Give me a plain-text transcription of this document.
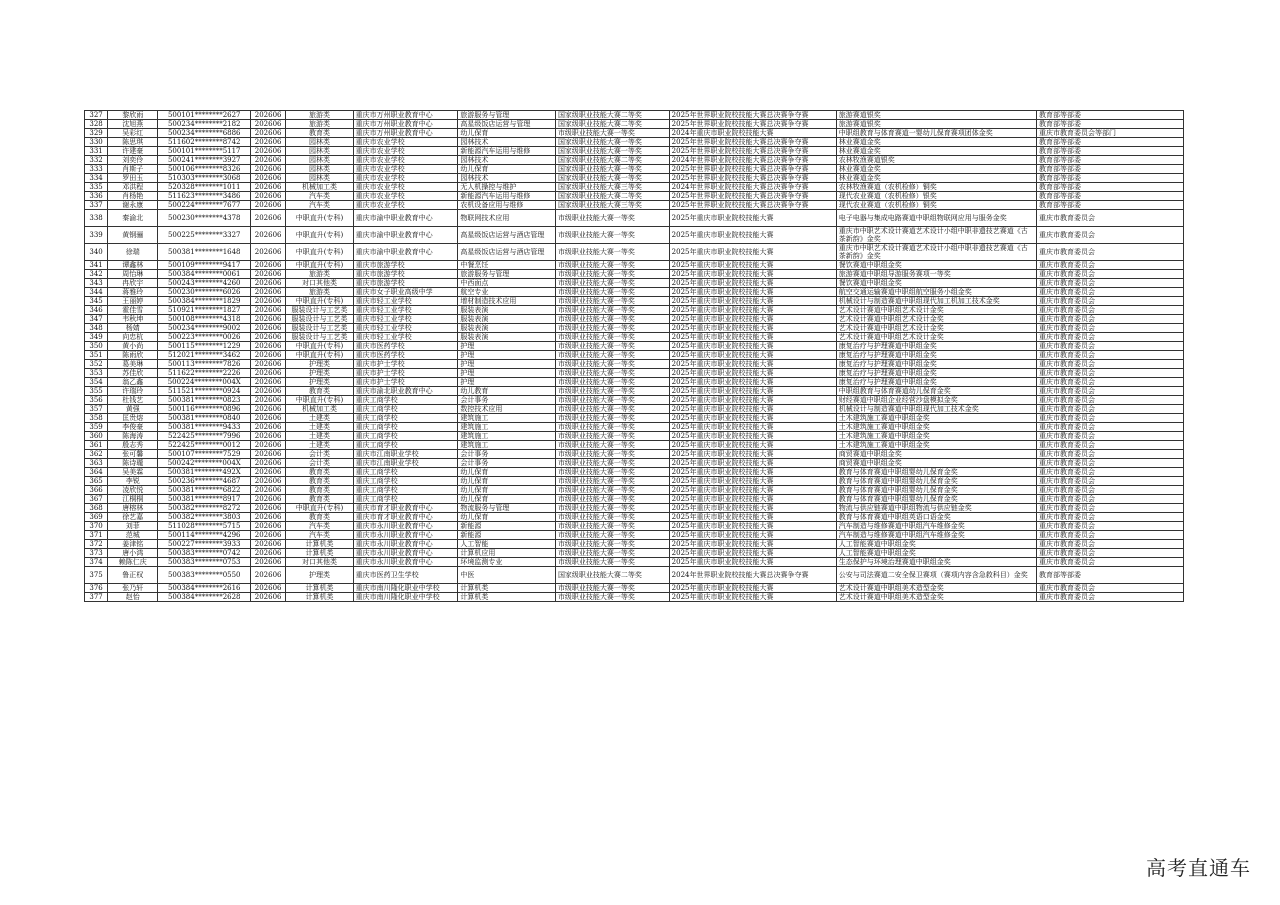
327	黎欣雨	500101********2627	202606	旅游类	重庆市万州职业教育中心	旅游服务与管理	国家级职业技能大赛二等奖	2025年世界职业院校技能大赛总决赛争夺赛	旅游赛道银奖	教育部等部委
328	沈旭燕	500234********2182	202606	旅游类	重庆市万州职业教育中心	高星级饭店运营与管理	国家级职业技能大赛二等奖	2025年世界职业院校技能大赛总决赛争夺赛	旅游赛道银奖	教育部等部委
329	吴彩红	500234********6886	202606	教育类	重庆市万州职业教育中心	幼儿保育	市级职业技能大赛一等奖	2024年重庆市职业院校技能大赛	中职组教育与体育赛道一婴幼儿保育赛项团体金奖	重庆市教育委员会等部门
330	陈思琪	511602********8742	202606	园林类	重庆市农业学校	园林技术	国家级职业技能大赛一等奖	2025年世界职业院校技能大赛总决赛争夺赛	林业赛道金奖	教育部等部委
331	许建豪	500101********5117	202606	园林类	重庆市农业学校	新能源汽车运用与维修	国家级职业技能大赛一等奖	2025年世界职业院校技能大赛总决赛争夺赛	林业赛道金奖	教育部等部委
332	刘奕伶	500241********3927	202606	园林类	重庆市农业学校	园林技术	国家级职业技能大赛二等奖	2024年世界职业院校技能大赛总决赛争夺赛	农林牧渔赛道银奖	教育部等部委
333	肖斯子	500106********8326	202606	园林类	重庆市农业学校	幼儿保育	国家级职业技能大赛一等奖	2025年世界职业院校技能大赛总决赛争夺赛	林业赛道金奖	教育部等部委
334	罗田玉	510303********3068	202606	园林类	重庆市农业学校	园林技术	国家级职业技能大赛一等奖	2025年世界职业院校技能大赛总决赛争夺赛	林业赛道金奖	教育部等部委
335	邓洪程	520328********1011	202606	机械加工类	重庆市农业学校	无人机操控与维护	国家级职业技能大赛三等奖	2024年世界职业院校技能大赛总决赛争夺赛	农林牧渔赛道（农机检修）铜奖	教育部等部委
336	肖杨艳	511623********3486	202606	汽车类	重庆市农业学校	新能源汽车运用与维修	国家级职业技能大赛二等奖	2025年世界职业院校技能大赛总决赛争夺赛	现代农业赛道（农机检修）银奖	教育部等部委
337	谢永康	500224********7677	202606	汽车类	重庆市农业学校	农机设备应用与维修	国家级职业技能大赛三等奖	2025年世界职业院校技能大赛总决赛争夺赛	现代农业赛道（农机检修）铜奖	教育部等部委
338	秦渝北	500230********4378	202606	中职直升(专科)	重庆市渝中职业教育中心	物联网技术应用	市级职业技能大赛一等奖	2025年重庆市职业院校技能大赛	电子电器与集成电路赛道中职组物联网应用与服务金奖	重庆市教育委员会
339	黄钢骊	500225********3327	202606	中职直升(专科)	重庆市渝中职业教育中心	高星级饭店运营与酒店管理	市级职业技能大赛一等奖	2025年重庆市职业院校技能大赛	重庆市中职艺术设计赛道艺术设计小组中职非遗技艺赛道《古茶新韵》金奖	重庆市教育委员会
340	徐瑞	500381********1648	202606	中职直升(专科)	重庆市渝中职业教育中心	高星级饭店运营与酒店管理	市级职业技能大赛一等奖	2025年重庆市职业院校技能大赛	重庆市中职艺术设计赛道艺术设计小组中职非遗技艺赛道《古茶新韵》金奖	重庆市教育委员会
341	谭鑫林	500109********9417	202606	中职直升(专科)	重庆市旅游学校	中餐烹饪	市级职业技能大赛一等奖	2025年重庆市职业院校技能大赛	餐饮赛道中职组金奖	重庆市教育委员会
342	周怡琳	500384********0061	202606	旅游类	重庆市旅游学校	旅游服务与管理	市级职业技能大赛一等奖	2025年重庆市职业院校技能大赛	旅游赛道中职组导游服务赛项一等奖	重庆市教育委员会
343	冉欣宇	500243********4260	202606	对口其他类	重庆市旅游学校	中西面点	市级职业技能大赛一等奖	2025年重庆市职业院校技能大赛	餐饮赛道中职组金奖	重庆市教育委员会
344	蒋雅玲	500230********6026	202606	旅游类	重庆市女子职业高级中学	航空专业	市级职业技能大赛一等奖	2025年重庆市职业院校技能大赛	航空交通运输赛道中职组航空服务小组金奖	重庆市教育委员会
345	王丽婷	500384********1829	202606	中职直升(专科)	重庆市轻工业学校	增材制造技术应用	市级职业技能大赛一等奖	2025年重庆市职业院校技能大赛	机械设计与制造赛道中职组现代加工机加工技术金奖	重庆市教育委员会
346	霍佳雪	510921********1827	202606	服装设计与工艺类	重庆市轻工业学校	服装表演	市级职业技能大赛一等奖	2025年重庆市职业院校技能大赛	艺术设计赛道中职组艺术设计金奖	重庆市教育委员会
347	韦秋坤	500108********4318	202606	服装设计与工艺类	重庆市轻工业学校	服装表演	市级职业技能大赛一等奖	2025年重庆市职业院校技能大赛	艺术设计赛道中职组艺术设计金奖	重庆市教育委员会
348	杨婧	500234********9002	202606	服装设计与工艺类	重庆市轻工业学校	服装表演	市级职业技能大赛一等奖	2025年重庆市职业院校技能大赛	艺术设计赛道中职组艺术设计金奖	重庆市教育委员会
349	向忠杭	500223********0026	202606	服装设计与工艺类	重庆市轻工业学校	服装表演	市级职业技能大赛一等奖	2025年重庆市职业院校技能大赛	艺术设计赛道中职组艺术设计金奖	重庆市教育委员会
350	黄小尚	500115********1229	202606	中职直升(专科)	重庆市医药学校	护理	市级职业技能大赛一等奖	2025年重庆市职业院校技能大赛	康复治疗与护理赛道中职组金奖	重庆市教育委员会
351	陈雨欣	512021********3462	202606	中职直升(专科)	重庆市医药学校	护理	市级职业技能大赛一等奖	2025年重庆市职业院校技能大赛	康复治疗与护理赛道中职组金奖	重庆市教育委员会
352	葛美琳	500113********7826	202606	护理类	重庆市护士学校	护理	市级职业技能大赛一等奖	2025年重庆市职业院校技能大赛	康复治疗与护理赛道中职组金奖	重庆市教育委员会
353	苏佳欣	511622********2226	202606	护理类	重庆市护士学校	护理	市级职业技能大赛一等奖	2025年重庆市职业院校技能大赛	康复治疗与护理赛道中职组金奖	重庆市教育委员会
354	翁乙鑫	500224********004X	202606	护理类	重庆市护士学校	护理	市级职业技能大赛一等奖	2025年重庆市职业院校技能大赛	康复治疗与护理赛道中职组金奖	重庆市教育委员会
355	许瑞玲	511521********0924	202606	教育类	重庆市渝北职业教育中心	幼儿教育	市级职业技能大赛一等奖	2025年重庆市职业院校技能大赛	中职组教育与体育赛道幼儿保育金奖	重庆市教育委员会
356	杜钱艺	500381********0823	202606	中职直升(专科)	重庆工商学校	会计事务	市级职业技能大赛一等奖	2025年重庆市职业院校技能大赛	财经赛道中职组企业经营沙盘模拟金奖	重庆市教育委员会
357	黄强	500116********0896	202606	机械加工类	重庆工商学校	数控技术应用	市级职业技能大赛一等奖	2025年重庆市职业院校技能大赛	机械设计与制造赛道中职组现代加工技术金奖	重庆市教育委员会
358	匡贵熔	500381********0840	202606	土建类	重庆工商学校	建筑施工	市级职业技能大赛一等奖	2025年重庆市职业院校技能大赛	土木建筑施工赛道中职组金奖	重庆市教育委员会
359	李俊豪	500381********9433	202606	土建类	重庆工商学校	建筑施工	市级职业技能大赛一等奖	2025年重庆市职业院校技能大赛	土木建筑施工赛道中职组金奖	重庆市教育委员会
360	陈海涛	522425********7996	202606	土建类	重庆工商学校	建筑施工	市级职业技能大赛一等奖	2025年重庆市职业院校技能大赛	土木建筑施工赛道中职组金奖	重庆市教育委员会
361	殷志秀	522425********0012	202606	土建类	重庆工商学校	建筑施工	市级职业技能大赛一等奖	2025年重庆市职业院校技能大赛	土木建筑施工赛道中职组金奖	重庆市教育委员会
362	张可馨	500107********7529	202606	会计类	重庆市江南职业学校	会计事务	市级职业技能大赛一等奖	2025年重庆市职业院校技能大赛	商贸赛道中职组金奖	重庆市教育委员会
363	陈诗瓏	500242********004X	202606	会计类	重庆市江南职业学校	会计事务	市级职业技能大赛一等奖	2025年重庆市职业院校技能大赛	商贸赛道中职组金奖	重庆市教育委员会
364	吴美霖	500381********492X	202606	教育类	重庆工商学校	幼儿保育	市级职业技能大赛一等奖	2025年重庆市职业院校技能大赛	教育与体育赛道中职组婴幼儿保育金奖	重庆市教育委员会
365	李锐	500236********4687	202606	教育类	重庆工商学校	幼儿保育	市级职业技能大赛一等奖	2025年重庆市职业院校技能大赛	教育与体育赛道中职组婴幼儿保育金奖	重庆市教育委员会
366	凌欣悦	500381********6822	202606	教育类	重庆工商学校	幼儿保育	市级职业技能大赛一等奖	2025年重庆市职业院校技能大赛	教育与体育赛道中职组婴幼儿保育金奖	重庆市教育委员会
367	江桐桐	500381********8917	202606	教育类	重庆工商学校	幼儿保育	市级职业技能大赛一等奖	2025年重庆市职业院校技能大赛	教育与体育赛道中职组婴幼儿保育金奖	重庆市教育委员会
368	唐榕林	500382********8272	202606	中职直升(专科)	重庆市育才职业教育中心	物流服务与管理	市级职业技能大赛一等奖	2025年重庆市职业院校技能大赛	物流与供应链赛道中职组物流与供应链金奖	重庆市教育委员会
369	徐艺嘉	500382********3803	202606	教育类	重庆市育才职业教育中心	幼儿保育	市级职业技能大赛一等奖	2025年重庆市职业院校技能大赛	教育与体育赛道中职组英语口语金奖	重庆市教育委员会
370	刘菲	511028********5715	202606	汽车类	重庆市永川职业教育中心	新能源	市级职业技能大赛一等奖	2025年重庆市职业院校技能大赛	汽车制造与维修赛道中职组汽车维修金奖	重庆市教育委员会
371	范城	500114********4296	202606	汽车类	重庆市永川职业教育中心	新能源	市级职业技能大赛一等奖	2025年重庆市职业院校技能大赛	汽车制造与维修赛道中职组汽车维修金奖	重庆市教育委员会
372	姜津铭	500227********3933	202606	计算机类	重庆市永川职业教育中心	人工智能	市级职业技能大赛一等奖	2025年重庆市职业院校技能大赛	人工智能赛道中职组金奖	重庆市教育委员会
373	唐小鸿	500383********0742	202606	计算机类	重庆市永川职业教育中心	计算机应用	市级职业技能大赛一等奖	2025年重庆市职业院校技能大赛	人工智能赛道中职组金奖	重庆市教育委员会
374	赖陈仁庆	500383********0753	202606	对口其他类	重庆市永川职业教育中心	环境监测专业	市级职业技能大赛一等奖	2025年重庆市职业院校技能大赛	生态保护与环境治理赛道中职组金奖	重庆市教育委员会
375	鲁正权	500383********0550	202606	护理类	重庆市医药卫生学校	中医	国家级职业技能大赛二等奖	2024年世界职业院校技能大赛总决赛争夺赛	公安与司法赛道二安全保卫赛项（赛项内容含急救科目）金奖	教育部等部委
376	张乃轩	500384********2616	202606	计算机类	重庆市南川隆化职业中学校	计算机类	市级职业技能大赛一等奖	2025年重庆市职业院校技能大赛	艺术设计赛道中职组美术造型金奖	重庆市教育委员会
377	赵怡	500384********2628	202606	计算机类	重庆市南川隆化职业中学校	计算机类	市级职业技能大赛一等奖	2025年重庆市职业院校技能大赛	艺术设计赛道中职组美术造型金奖	重庆市教育委员会
高考直通车
